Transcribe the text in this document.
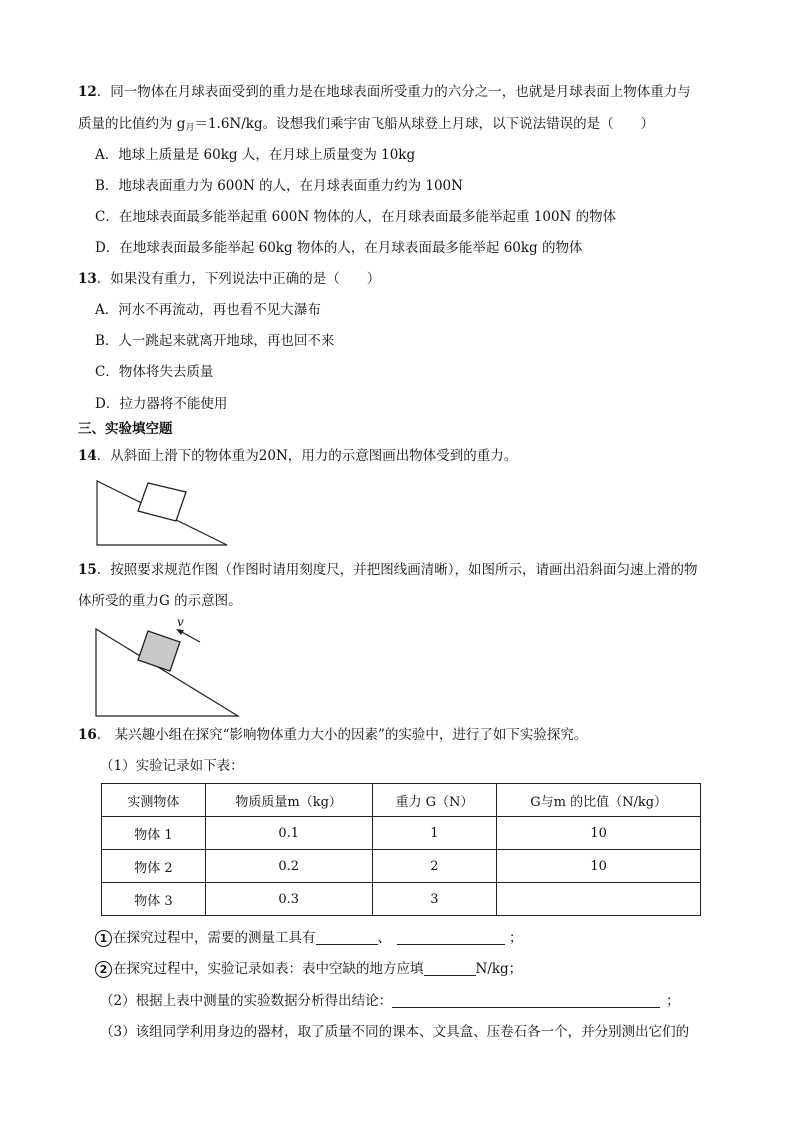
12．同一物体在月球表面受到的重力是在地球表面所受重力的六分之一，也就是月球表面上物体重力与
质量的比值约为 $g_月=1.6N/kg$。设想我们乘宇宙飞船从球登上月球，以下说法错误的是（　　）
A．地球上质量是 60kg 人，在月球上质量变为 10kg
B．地球表面重力为 600N 的人，在月球表面重力约为 100N
C．在地球表面最多能举起重 600N 物体的人，在月球表面最多能举起重 100N 的物体
D．在地球表面最多能举起 60kg 物体的人，在月球表面最多能举起 60kg 的物体
13．如果没有重力，下列说法中正确的是（　　）
A．河水不再流动，再也看不见大瀑布
B．人一跳起来就离开地球，再也回不来
C．物体将失去质量
D．拉力器将不能使用
三、实验填空题
14．从斜面上滑下的物体重为20N，用力的示意图画出物体受到的重力。
15．按照要求规范作图（作图时请用刻度尺，并把图线画清晰），如图所示，请画出沿斜面匀速上滑的物
体所受的重力G 的示意图。
v
16． 某兴趣小组在探究“影响物体重力大小的因素”的实验中，进行了如下实验探究。
（1）实验记录如下表：
实测物体	物质质量m（kg）	重力 G（N）	G与m 的比值（N/kg）
物体 1	0.1	1	10
物体 2	0.2	2	10
物体 3	0.3	3	
1 在探究过程中，需要的测量工具有	、	；
2 在探究过程中，实验记录如表：表中空缺的地方应填	N/kg；
（2）根据上表中测量的实验数据分析得出结论：	；
（3）该组同学利用身边的器材，取了质量不同的课本、文具盒、压卷石各一个，并分别测出它们的
